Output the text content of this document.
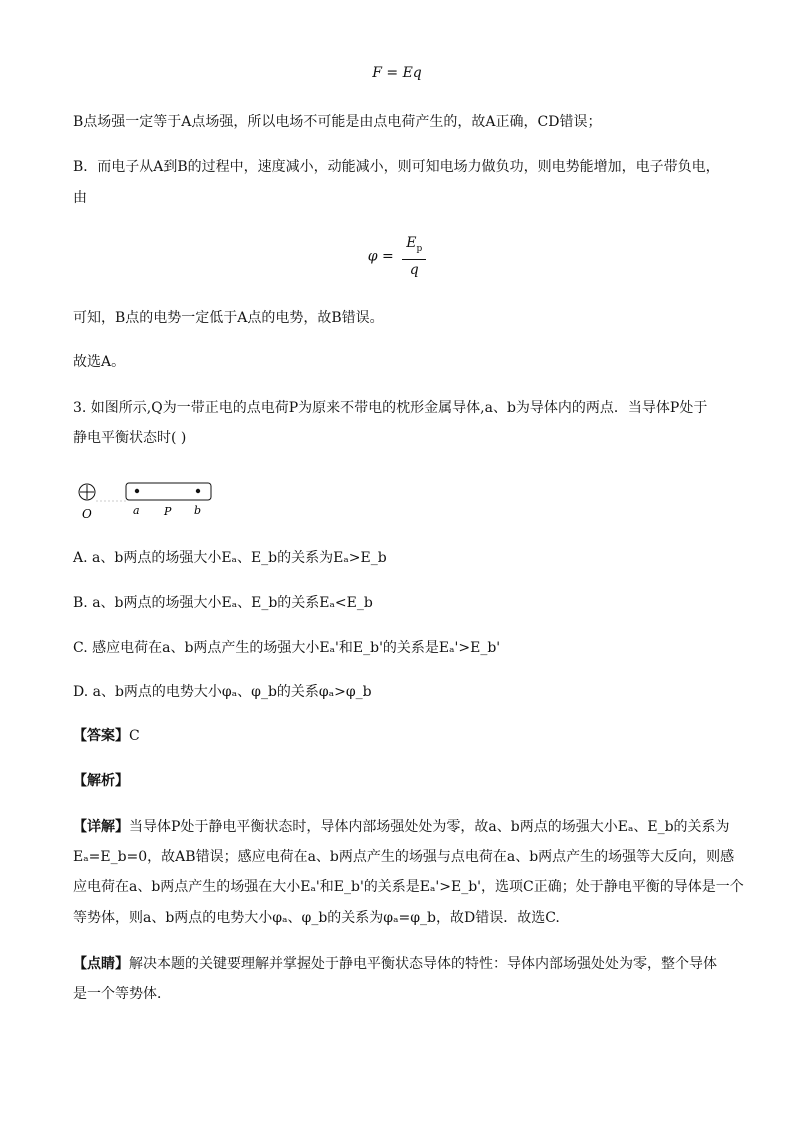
F = Eq
B点场强一定等于A点场强，所以电场不可能是由点电荷产生的，故A正确，CD错误；
B．而电子从A到B的过程中，速度减小，动能减小，则可知电场力做负功，则电势能增加，电子带负电，
由
$\varphi = \frac{E_p}{q}$
可知，B点的电势一定低于A点的电势，故B错误。
故选A。
3. 如图所示,Q为一带正电的点电荷P为原来不带电的枕形金属导体,a、b为导体内的两点．当导体P处于
静电平衡状态时( )
O	a P b
A. a、b两点的场强大小Eₐ、E_b的关系为Eₐ>E_b
B. a、b两点的场强大小Eₐ、E_b的关系Eₐ<E_b
C. 感应电荷在a、b两点产生的场强大小Eₐ'和E_b'的关系是Eₐ'>E_b'
D. a、b两点的电势大小φₐ、φ_b的关系φₐ>φ_b
【答案】C
【解析】
【详解】当导体P处于静电平衡状态时，导体内部场强处处为零，故a、b两点的场强大小Eₐ、E_b的关系为
Eₐ=E_b=0，故AB错误；感应电荷在a、b两点产生的场强与点电荷在a、b两点产生的场强等大反向，则感
应电荷在a、b两点产生的场强在大小Eₐ'和E_b'的关系是Eₐ'>E_b'，选项C正确；处于静电平衡的导体是一个
等势体，则a、b两点的电势大小φₐ、φ_b的关系为φₐ=φ_b，故D错误．故选C.
【点睛】解决本题的关键要理解并掌握处于静电平衡状态导体的特性：导体内部场强处处为零，整个导体
是一个等势体．
